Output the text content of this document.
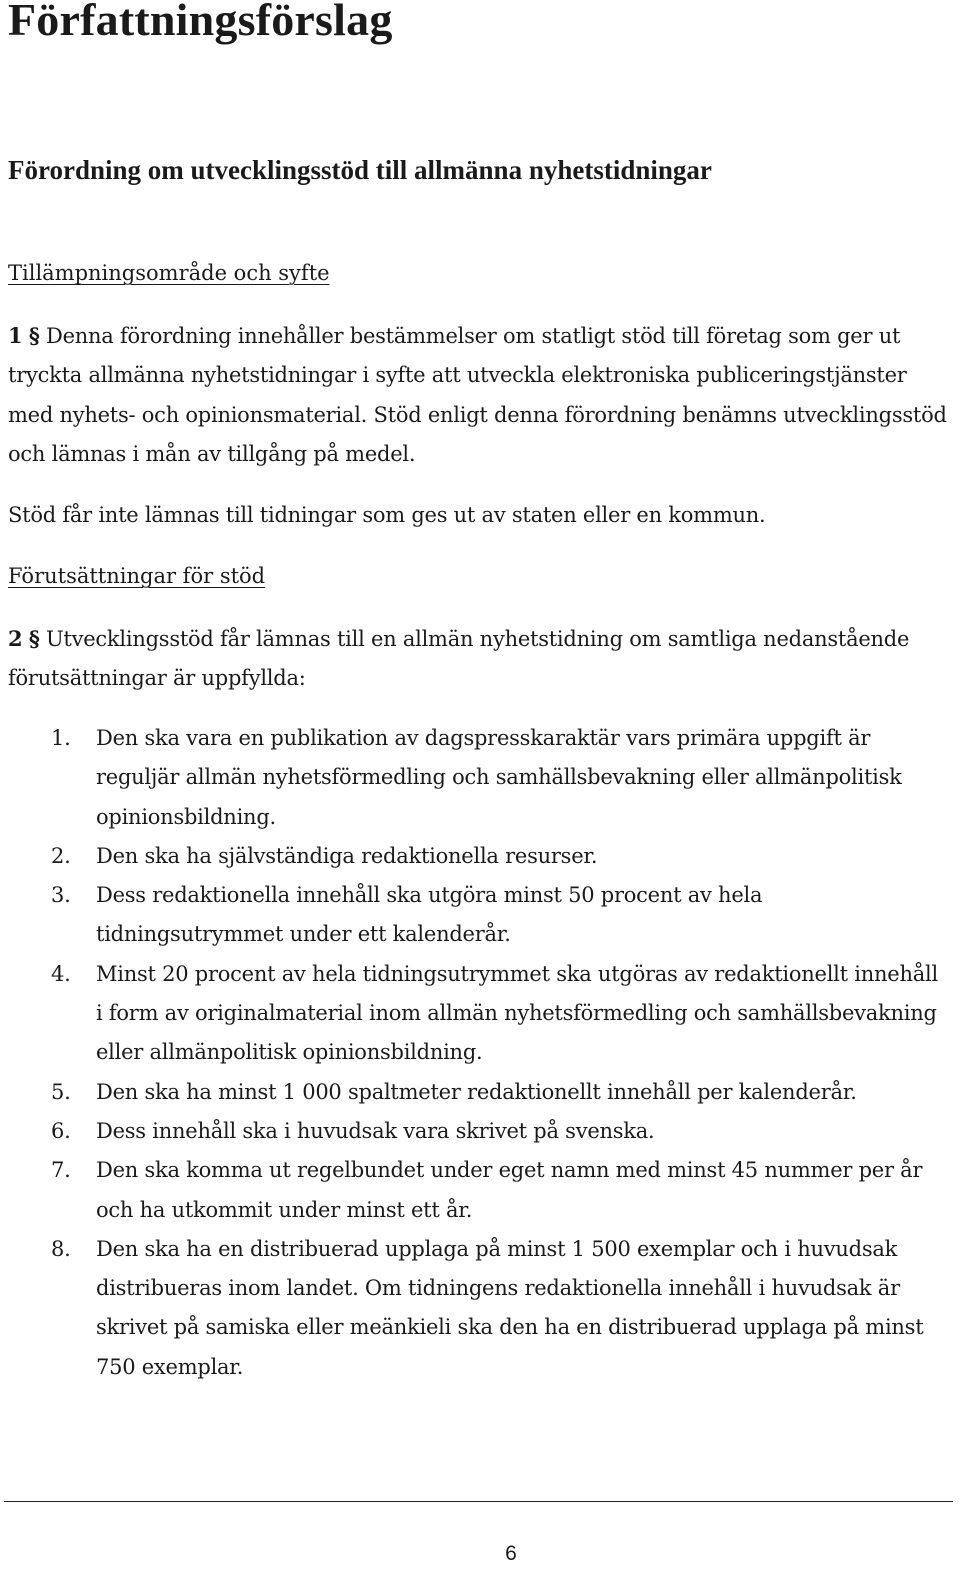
Författningsförslag
Förordning om utvecklingsstöd till allmänna nyhetstidningar
Tillämpningsområde och syfte

1 § Denna förordning innehåller bestämmelser om statligt stöd till företag som ger ut tryckta allmänna nyhetstidningar i syfte att utveckla elektroniska publiceringstjänster med nyhets- och opinionsmaterial. Stöd enligt denna förordning benämns utvecklingsstöd och lämnas i mån av tillgång på medel.

Stöd får inte lämnas till tidningar som ges ut av staten eller en kommun.

Förutsättningar för stöd

2 § Utvecklingsstöd får lämnas till en allmän nyhetstidning om samtliga nedanstående förutsättningar är uppfyllda:

1. Den ska vara en publikation av dagspresskaraktär vars primära uppgift är reguljär allmän nyhetsförmedling och samhällsbevakning eller allmänpolitisk opinionsbildning.
2. Den ska ha självständiga redaktionella resurser.
3. Dess redaktionella innehåll ska utgöra minst 50 procent av hela tidningsutrymmet under ett kalenderår.
4. Minst 20 procent av hela tidningsutrymmet ska utgöras av redaktionellt innehåll i form av originalmaterial inom allmän nyhetsförmedling och samhällsbevakning eller allmänpolitisk opinionsbildning.
5. Den ska ha minst 1 000 spaltmeter redaktionellt innehåll per kalenderår.
6. Dess innehåll ska i huvudsak vara skrivet på svenska.
7. Den ska komma ut regelbundet under eget namn med minst 45 nummer per år och ha utkommit under minst ett år.
8. Den ska ha en distribuerad upplaga på minst 1 500 exemplar och i huvudsak distribueras inom landet. Om tidningens redaktionella innehåll i huvudsak är skrivet på samiska eller meänkieli ska den ha en distribuerad upplaga på minst 750 exemplar.
6
